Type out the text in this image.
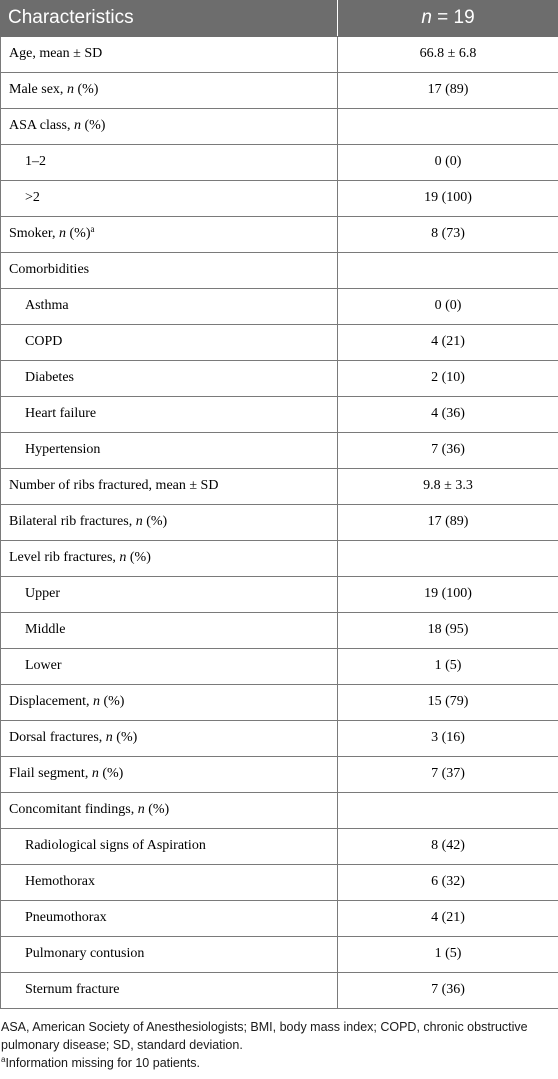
Characteristics	n = 19
Age, mean ± SD	66.8 ± 6.8
Male sex, n (%)	17 (89)
ASA class, n (%)	
1–2	0 (0)
>2	19 (100)
Smoker, n (%)$^a$	8 (73)
Comorbidities	
Asthma	0 (0)
COPD	4 (21)
Diabetes	2 (10)
Heart failure	4 (36)
Hypertension	7 (36)
Number of ribs fractured, mean ± SD	9.8 ± 3.3
Bilateral rib fractures, n (%)	17 (89)
Level rib fractures, n (%)	
Upper	19 (100)
Middle	18 (95)
Lower	1 (5)
Displacement, n (%)	15 (79)
Dorsal fractures, n (%)	3 (16)
Flail segment, n (%)	7 (37)
Concomitant findings, n (%)	
Radiological signs of Aspiration	8 (42)
Hemothorax	6 (32)
Pneumothorax	4 (21)
Pulmonary contusion	1 (5)
Sternum fracture	7 (36)

ASA, American Society of Anesthesiologists; BMI, body mass index; COPD, chronic obstructive pulmonary disease; SD, standard deviation.

$^a$Information missing for 10 patients.
